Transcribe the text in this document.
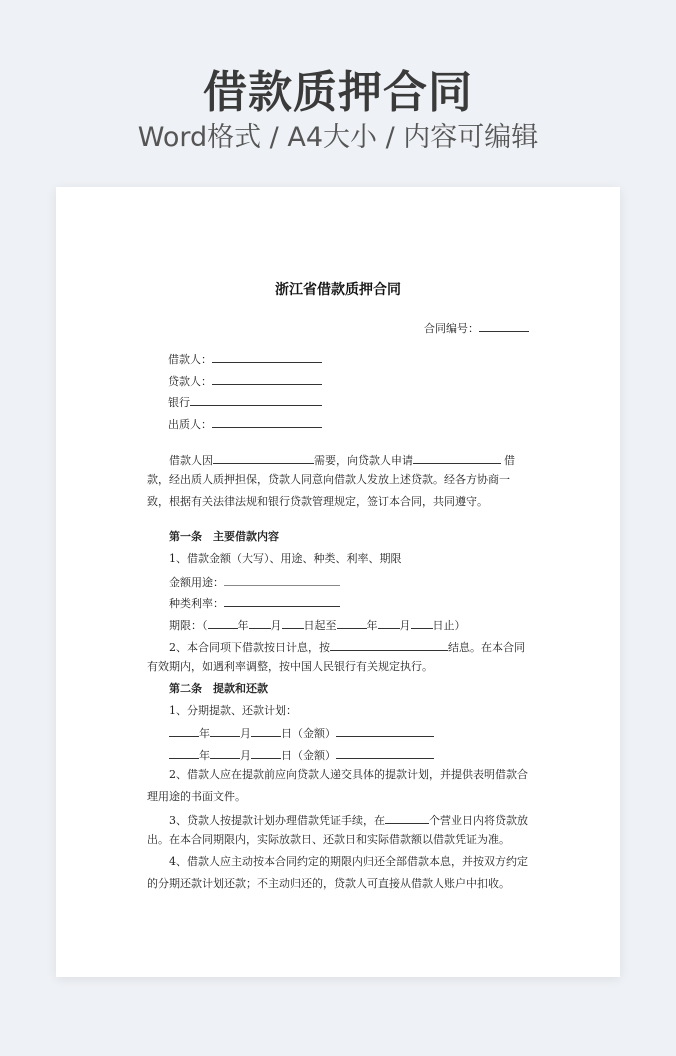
借款质押合同
Word格式 / A4大小 / 内容可编辑
浙江省借款质押合同
合同编号：
借款人：
贷款人：
银行
出质人：
借款人因	需要，向贷款人申请	借
款，经出质人质押担保，贷款人同意向借款人发放上述贷款。经各方协商一致，根据有关法律法规和银行贷款管理规定，签订本合同，共同遵守。
第一条　主要借款内容
1、借款金额（大写）、用途、种类、利率、期限
金额用途：
种类利率：
期限：（	年 月 日起至	年 月 日止）
2、本合同项下借款按日计息，按	结息。在本合同
有效期内，如遇利率调整，按中国人民银行有关规定执行。
第二条　提款和还款
1、分期提款、还款计划：
年	月	日（金额）
年	月	日（金额）
2、借款人应在提款前应向贷款人递交具体的提款计划，并提供表明借款合理用途的书面文件。
3、贷款人按提款计划办理借款凭证手续，在	个营业日内将贷款放
出。在本合同期限内，实际放款日、还款日和实际借款额以借款凭证为准。
4、借款人应主动按本合同约定的期限内归还全部借款本息，并按双方约定的分期还款计划还款；不主动归还的，贷款人可直接从借款人账户中扣收。
